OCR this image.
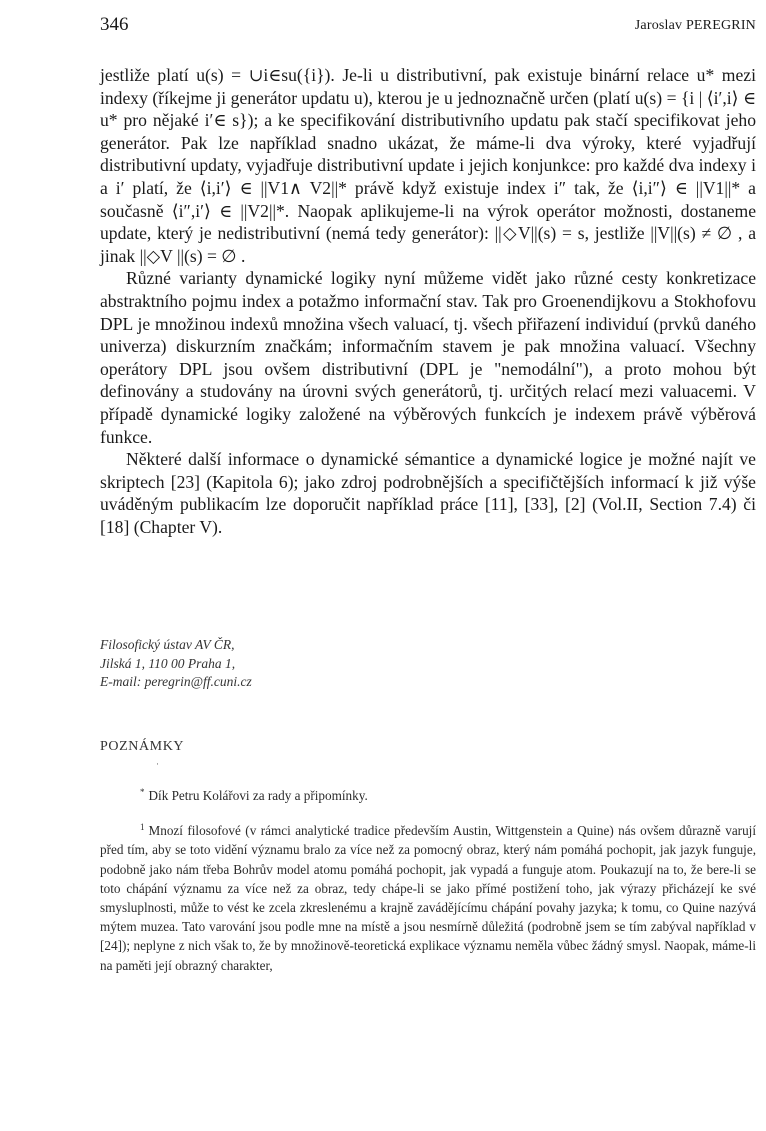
346	Jaroslav PEREGRIN

jestliže platí u(s) = ∪i∈su({i}). Je-li u distributivní, pak existuje binární relace u* mezi indexy (říkejme ji generátor updatu u), kterou je u jednoznačně určen (platí u(s) = {i | ⟨i′,i⟩ ∈ u* pro nějaké i′∈ s}); a ke specifikování distributivního updatu pak stačí specifikovat jeho generátor. Pak lze například snadno ukázat, že máme-li dva výroky, které vyjadřují distributivní updaty, vyjadřuje distributivní update i jejich konjunkce: pro každé dva indexy i a i′ platí, že ⟨i,i′⟩ ∈ ||V1∧ V2||* právě když existuje index i″ tak, že ⟨i,i″⟩ ∈ ||V1||* a současně ⟨i″,i′⟩ ∈ ||V2||*. Naopak aplikujeme-li na výrok operátor možnosti, dostaneme update, který je nedistributivní (nemá tedy generátor): ||◇V||(s) = s, jestliže ||V||(s) ≠ ∅ , a jinak ||◇V ||(s) = ∅ .

Různé varianty dynamické logiky nyní můžeme vidět jako různé cesty konkretizace abstraktního pojmu index a potažmo informační stav. Tak pro Groenendijkovu a Stokhofovu DPL je množinou indexů množina všech valuací, tj. všech přiřazení individuí (prvků daného univerza) diskurzním značkám; informačním stavem je pak množina valuací. Všechny operátory DPL jsou ovšem distributivní (DPL je "nemodální"), a proto mohou být definovány a studovány na úrovni svých generátorů, tj. určitých relací mezi valuacemi. V případě dynamické logiky založené na výběrových funkcích je indexem právě výběrová funkce.

Některé další informace o dynamické sémantice a dynamické logice je možné najít ve skriptech [23] (Kapitola 6); jako zdroj podrobnějších a specifičtějších informací k již výše uváděným publikacím lze doporučit například práce [11], [33], [2] (Vol.II, Section 7.4) či [18] (Chapter V).

Filosofický ústav AV ČR,
Jilská 1, 110 00 Praha 1,
E-mail: peregrin@ff.cuni.cz
POZNÁMKY
·

* Dík Petru Kolářovi za rady a připomínky.

$^1$ Mnozí filosofové (v rámci analytické tradice především Austin, Wittgenstein a Quine) nás ovšem důrazně varují před tím, aby se toto vidění významu bralo za více než za pomocný obraz, který nám pomáhá pochopit, jak jazyk funguje, podobně jako nám třeba Bohrův model atomu pomáhá pochopit, jak vypadá a funguje atom. Poukazují na to, že bere-li se toto chápání významu za více než za obraz, tedy chápe-li se jako přímé postižení toho, jak výrazy přicházejí ke své smysluplnosti, může to vést ke zcela zkreslenému a krajně zavádějícímu chápání povahy jazyka; k tomu, co Quine nazývá mýtem muzea. Tato varování jsou podle mne na místě a jsou nesmírně důležitá (podrobně jsem se tím zabýval například v [24]); neplyne z nich však to, že by množinově-teoretická explikace významu neměla vůbec žádný smysl. Naopak, máme-li na paměti její obrazný charakter,
